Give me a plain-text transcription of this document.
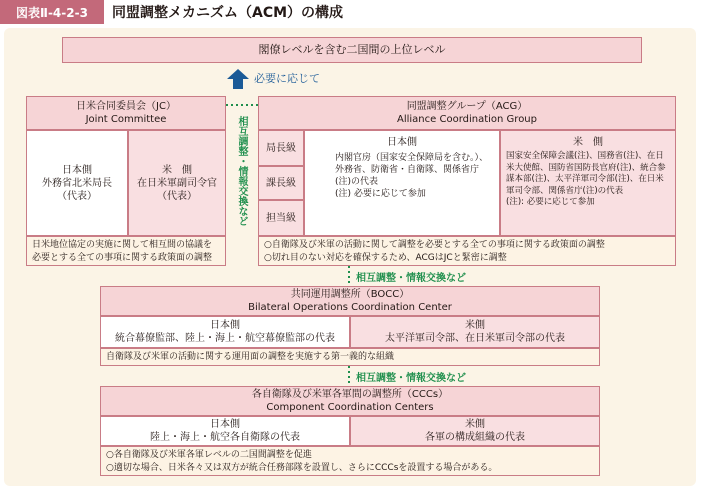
図表Ⅱ-4-2-3	同盟調整メカニズム（ACM）の構成
閣僚レベルを含む二国間の上位レベル
必要に応じて
日米合同委員会（JC）
Joint Committee
日本側
外務省北米局長
（代表）
米　側
在日米軍副司令官
（代表）
日米地位協定の実施に関して相互間の協議を必要とする全ての事項に関する政策面の調整
相互調整・情報交換など
同盟調整グループ（ACG）
Alliance Coordination Group
局長級
課長級
担当級
日本側
内閣官房（国家安全保障局を含む。）、外務省、防衛省・自衛隊、関係省庁(注)の代表
(注) 必要に応じて参加
米　側
国家安全保障会議(注)、国務省(注)、在日米大使館、国防省国防長官府(注)、統合参謀本部(注)、太平洋軍司令部(注)、在日米軍司令部、関係省庁(注)の代表
(注): 必要に応じて参加
○自衛隊及び米軍の活動に関して調整を必要とする全ての事項に関する政策面の調整
○切れ目のない対応を確保するため、ACGはJCと緊密に調整
相互調整・情報交換など
共同運用調整所（BOCC）
Bilateral Operations Coordination Center
日本側
統合幕僚監部、陸上・海上・航空幕僚監部の代表
米側
太平洋軍司令部、在日米軍司令部の代表
自衛隊及び米軍の活動に関する運用面の調整を実施する第一義的な組織
相互調整・情報交換など
各自衛隊及び米軍各軍間の調整所（CCCs）
Component Coordination Centers
日本側
陸上・海上・航空各自衛隊の代表
米側
各軍の構成組織の代表
○各自衛隊及び米軍各軍レベルの二国間調整を促進
○適切な場合、日米各々又は双方が統合任務部隊を設置し、さらにCCCsを設置する場合がある。
